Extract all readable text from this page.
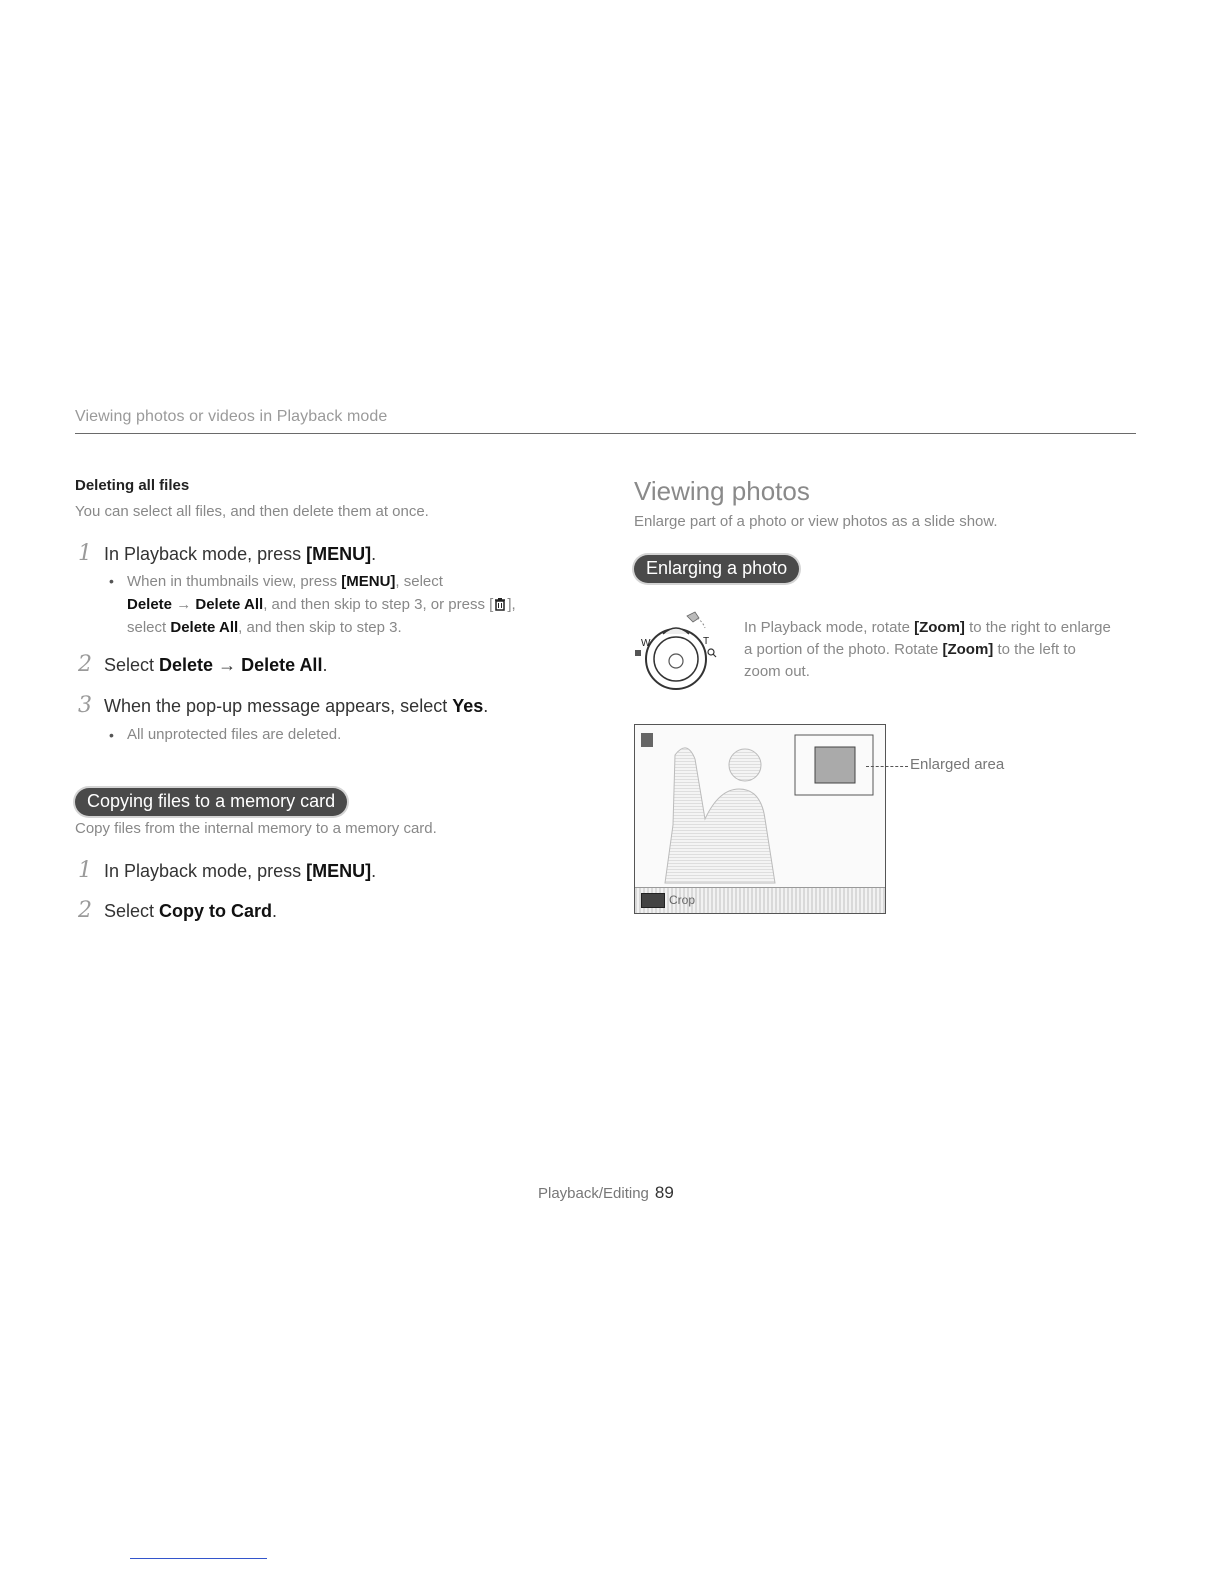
Viewing photos or videos in Playback mode
Deleting all files
You can select all files, and then delete them at once.
1 In Playback mode, press [MENU].
• When in thumbnails view, press [MENU], select
Delete → Delete All, and then skip to step 3, or press [ ],
select Delete All, and then skip to step 3.
2 Select Delete → Delete All.
3 When the pop-up message appears, select Yes.
• All unprotected files are deleted.
Copying files to a memory card
Copy files from the internal memory to a memory card.
1 In Playback mode, press [MENU].
2 Select Copy to Card.
Viewing photos
Enlarge part of a photo or view photos as a slide show.
Enlarging a photo
W	T
In Playback mode, rotate [Zoom] to the right to enlarge
a portion of the photo. Rotate [Zoom] to the left to
zoom out.
Crop
Enlarged area
Playback/Editing 89
